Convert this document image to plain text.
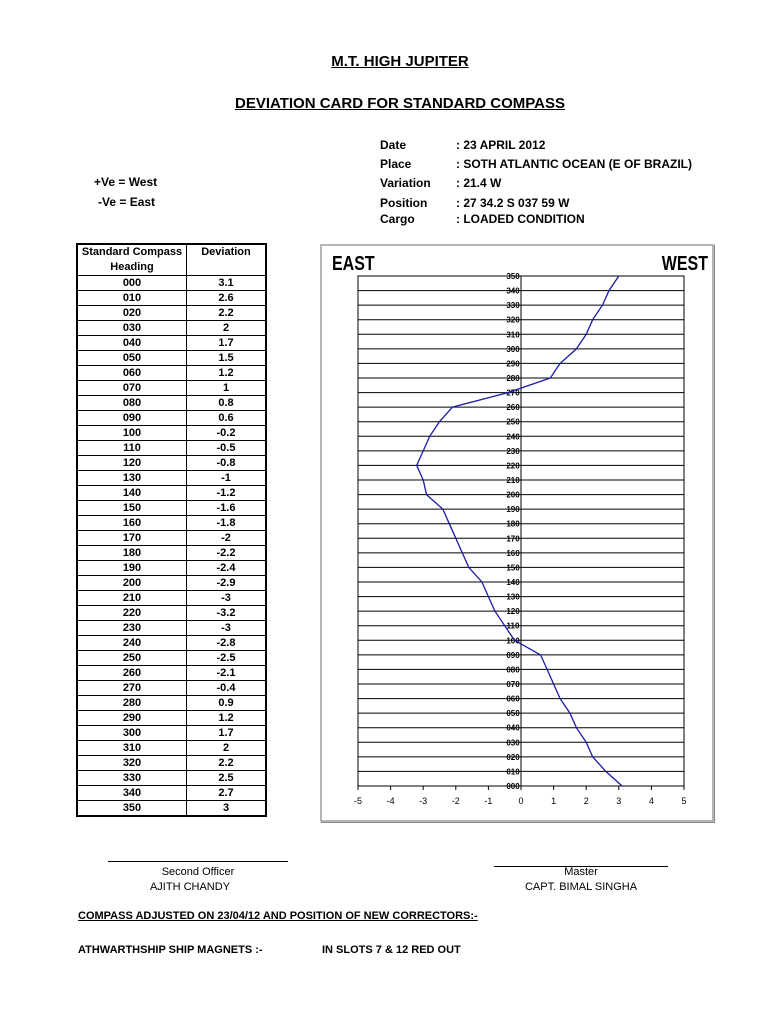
M.T. HIGH JUPITER
DEVIATION CARD FOR STANDARD COMPASS
+Ve = West
-Ve = East
Date	: 23 APRIL 2012
Place	: SOTH ATLANTIC OCEAN (E OF BRAZIL)
Variation	: 21.4 W
Position	: 27 34.2 S 037 59 W
Cargo	: LOADED CONDITION
Standard Compass Heading	Deviation
000	3.1
010	2.6
020	2.2
030	2
040	1.7
050	1.5
060	1.2
070	1
080	0.8
090	0.6
100	-0.2
110	-0.5
120	-0.8
130	-1
140	-1.2
150	-1.6
160	-1.8
170	-2
180	-2.2
190	-2.4
200	-2.9
210	-3
220	-3.2
230	-3
240	-2.8
250	-2.5
260	-2.1
270	-0.4
280	0.9
290	1.2
300	1.7
310	2
320	2.2
330	2.5
340	2.7
350	3
000
010
020
030
040
050
060
070
080
090
100
110
120
130
140
150
160
170
180
190
200
210
220
230
240
250
260
270
280
290
300
310
320
330
340
350
-5	-4	-3	-2	-1	0	1	2	3	4	5
EAST	WEST
Second Officer
AJITH CHANDY
Master
CAPT. BIMAL SINGHA
COMPASS ADJUSTED ON 23/04/12 AND POSITION OF NEW CORRECTORS:-
ATHWARTHSHIP SHIP MAGNETS :-	IN SLOTS 7 & 12 RED OUT
